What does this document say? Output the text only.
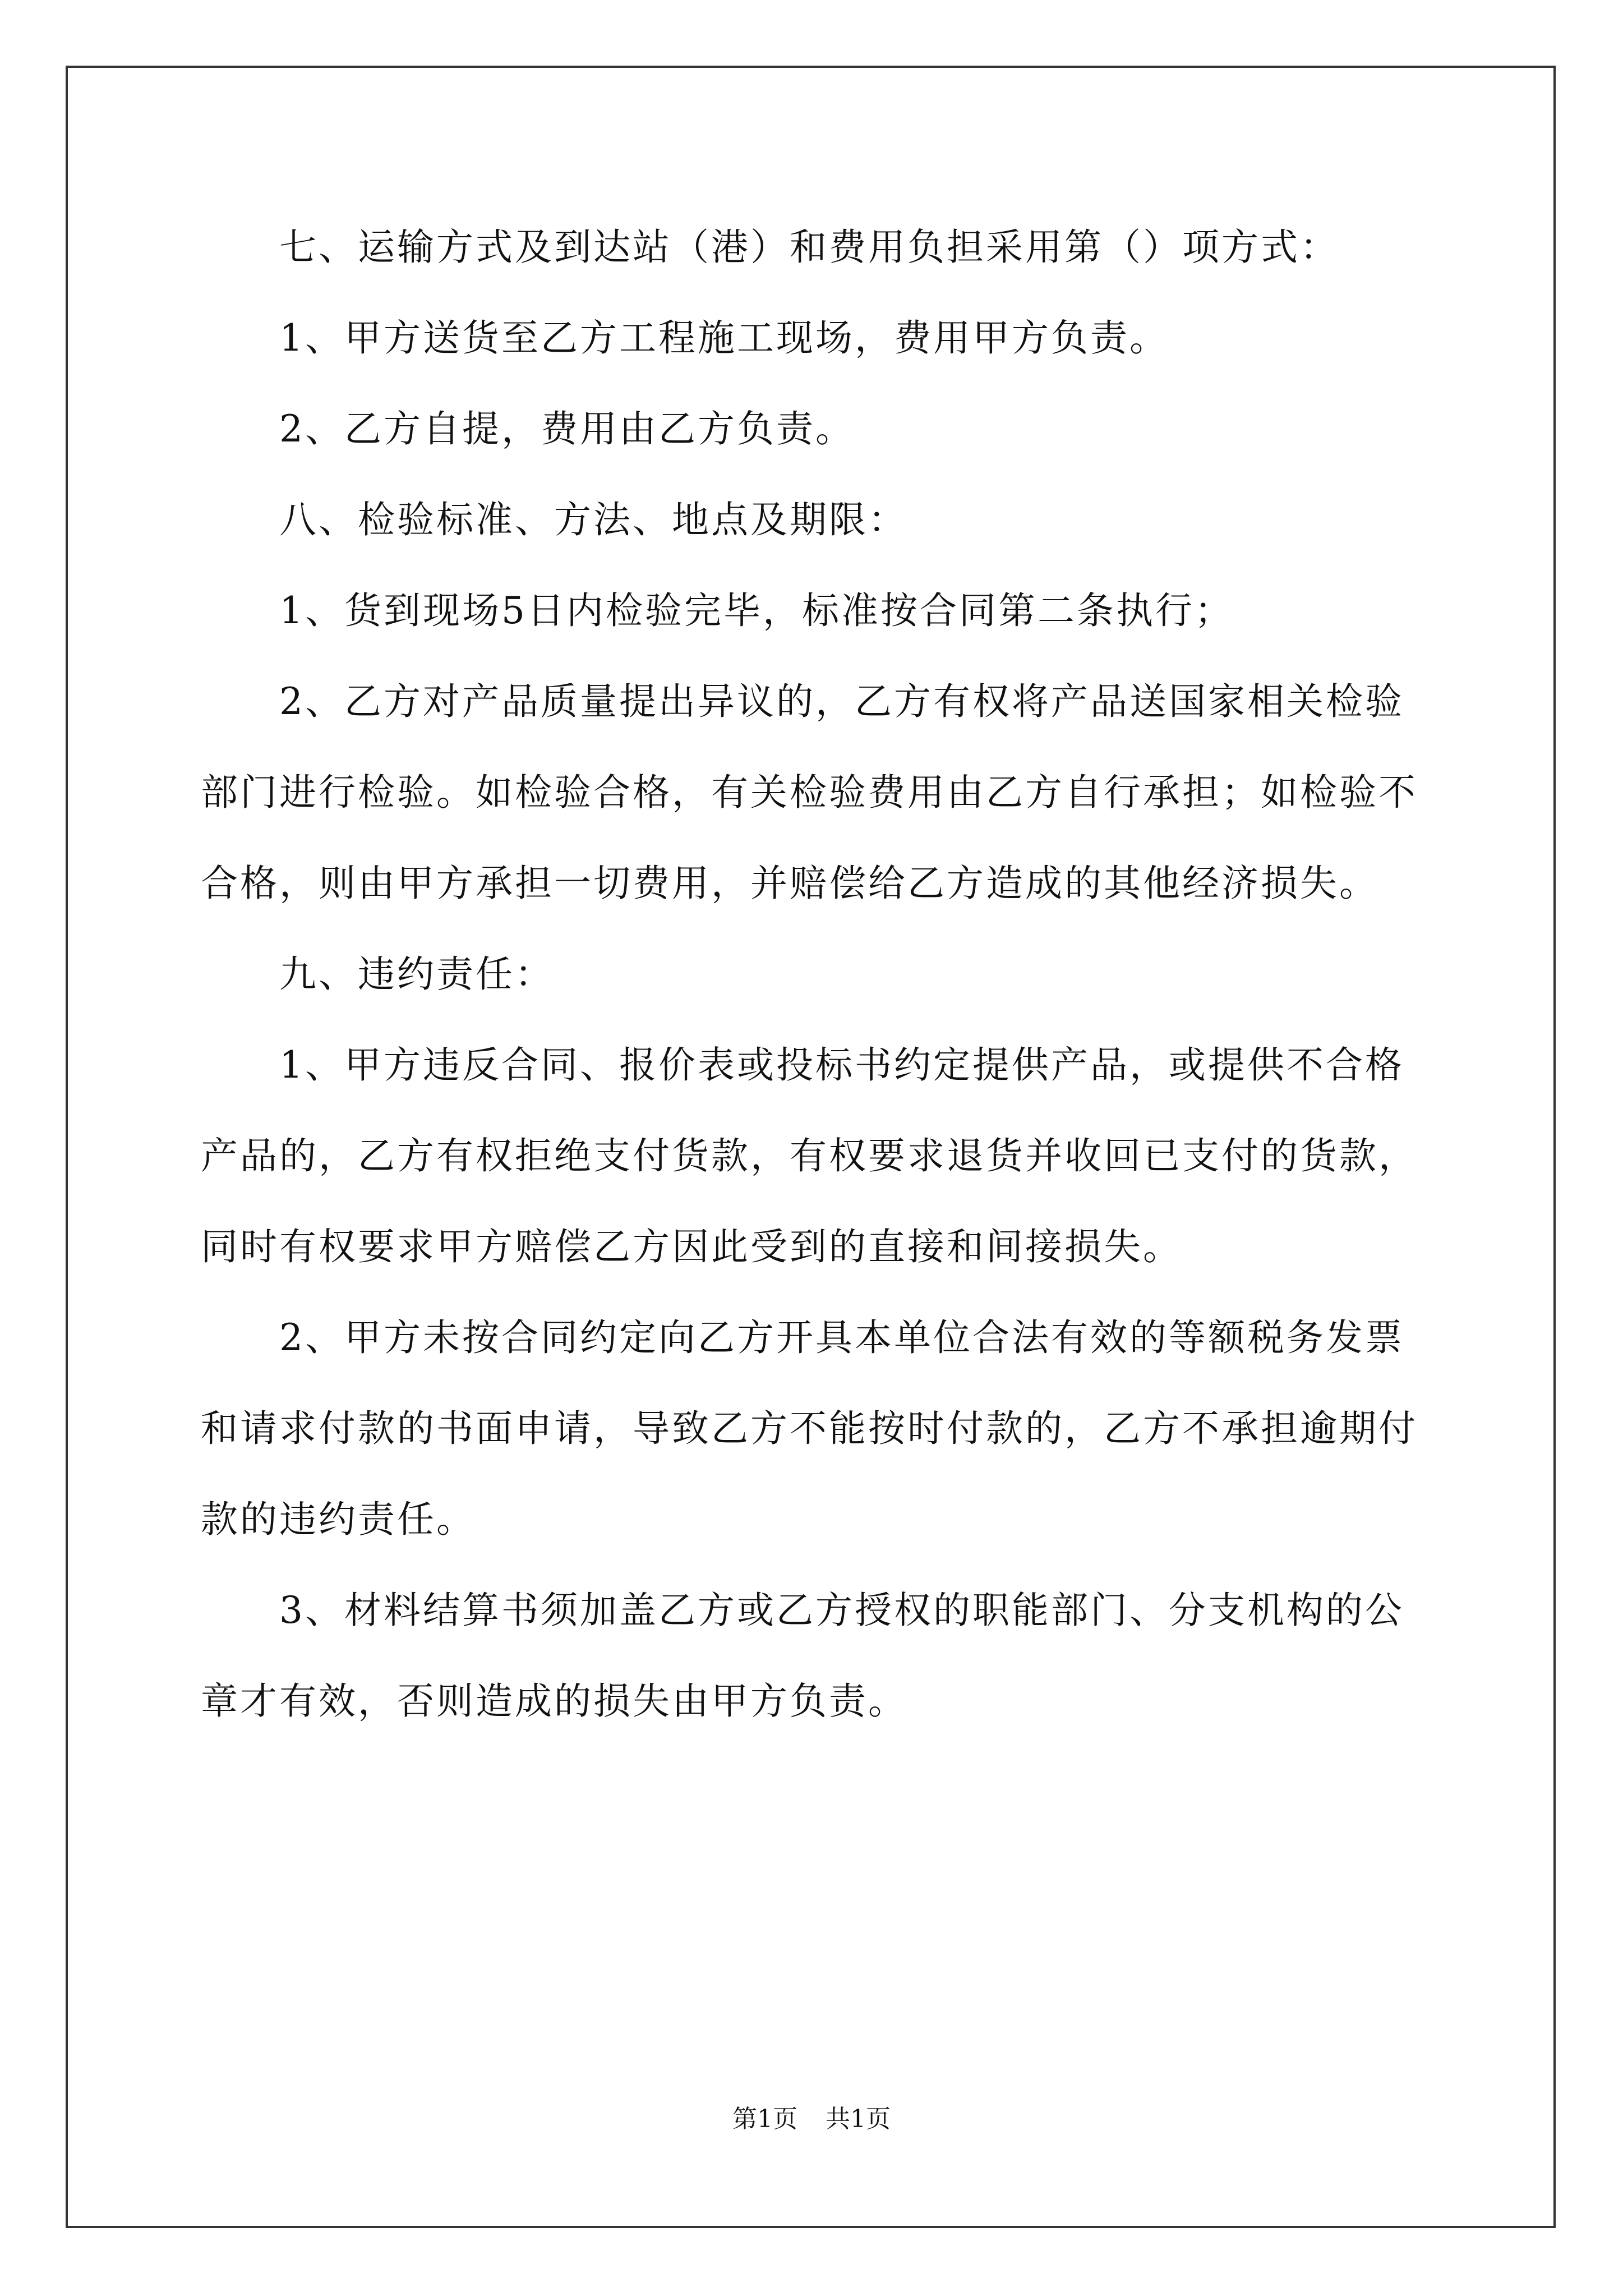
七、运输方式及到达站（港）和费用负担采用第（）项方式：

1、甲方送货至乙方工程施工现场，费用甲方负责。

2、乙方自提，费用由乙方负责。

八、检验标准、方法、地点及期限：

1、货到现场5日内检验完毕，标准按合同第二条执行；

2、乙方对产品质量提出异议的，乙方有权将产品送国家相关检验部门进行检验。如检验合格，有关检验费用由乙方自行承担；如检验不合格，则由甲方承担一切费用，并赔偿给乙方造成的其他经济损失。

九、违约责任：

1、甲方违反合同、报价表或投标书约定提供产品，或提供不合格产品的，乙方有权拒绝支付货款，有权要求退货并收回已支付的货款，同时有权要求甲方赔偿乙方因此受到的直接和间接损失。

2、甲方未按合同约定向乙方开具本单位合法有效的等额税务发票和请求付款的书面申请，导致乙方不能按时付款的，乙方不承担逾期付款的违约责任。

3、材料结算书须加盖乙方或乙方授权的职能部门、分支机构的公章才有效，否则造成的损失由甲方负责。

第1页 共1页
